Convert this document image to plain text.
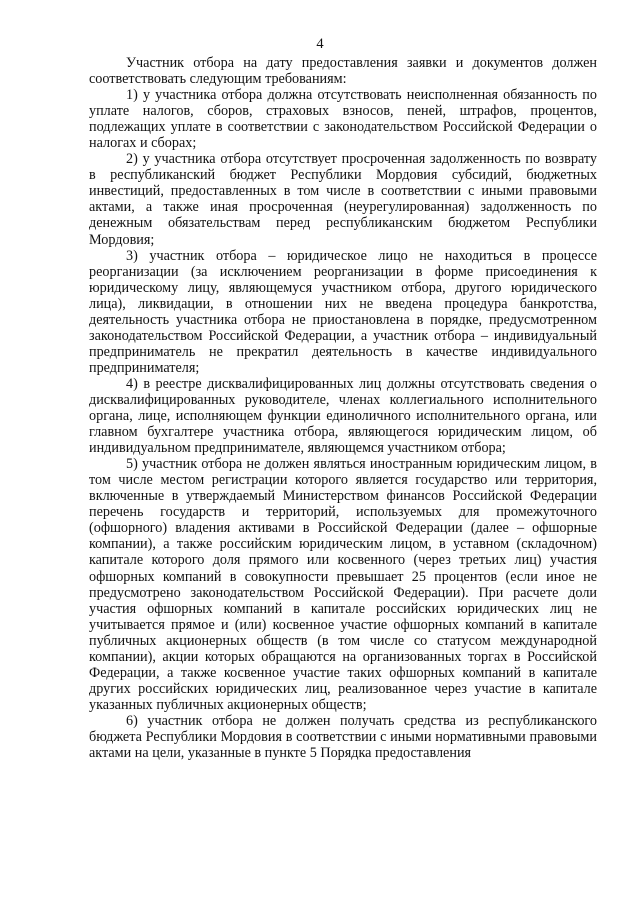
4

Участник отбора на дату предоставления заявки и документов должен соответствовать следующим требованиям:

1) у участника отбора должна отсутствовать неисполненная обязанность по уплате налогов, сборов, страховых взносов, пеней, штрафов, процентов, подлежащих уплате в соответствии с законодательством Российской Федерации о налогах и сборах;

2) у участника отбора отсутствует просроченная задолженность по возврату в республиканский бюджет Республики Мордовия субсидий, бюджетных инвестиций, предоставленных в том числе в соответствии с иными правовыми актами, а также иная просроченная (неурегулированная) задолженность по денежным обязательствам перед республиканским бюджетом Республики Мордовия;

3) участник отбора – юридическое лицо не находиться в процессе реорганизации (за исключением реорганизации в форме присоединения к юридическому лицу, являющемуся участником отбора, другого юридического лица), ликвидации, в отношении них не введена процедура банкротства, деятельность участника отбора не приостановлена в порядке, предусмотренном законодательством Российской Федерации, а участник отбора – индивидуальный предприниматель не прекратил деятельность в качестве индивидуального предпринимателя;

4) в реестре дисквалифицированных лиц должны отсутствовать сведения о дисквалифицированных руководителе, членах коллегиального исполнительного органа, лице, исполняющем функции единоличного исполнительного органа, или главном бухгалтере участника отбора, являющегося юридическим лицом, об индивидуальном предпринимателе, являющемся участником отбора;

5) участник отбора не должен являться иностранным юридическим лицом, в том числе местом регистрации которого является государство или территория, включенные в утверждаемый Министерством финансов Российской Федерации перечень государств и территорий, используемых для промежуточного (офшорного) владения активами в Российской Федерации (далее – офшорные компании), а также российским юридическим лицом, в уставном (складочном) капитале которого доля прямого или косвенного (через третьих лиц) участия офшорных компаний в совокупности превышает 25 процентов (если иное не предусмотрено законодательством Российской Федерации). При расчете доли участия офшорных компаний в капитале российских юридических лиц не учитывается прямое и (или) косвенное участие офшорных компаний в капитале публичных акционерных обществ (в том числе со статусом международной компании), акции которых обращаются на организованных торгах в Российской Федерации, а также косвенное участие таких офшорных компаний в капитале других российских юридических лиц, реализованное через участие в капитале указанных публичных акционерных обществ;

6) участник отбора не должен получать средства из республиканского бюджета Республики Мордовия в соответствии с иными нормативными правовыми актами на цели, указанные в пункте 5 Порядка предоставления
